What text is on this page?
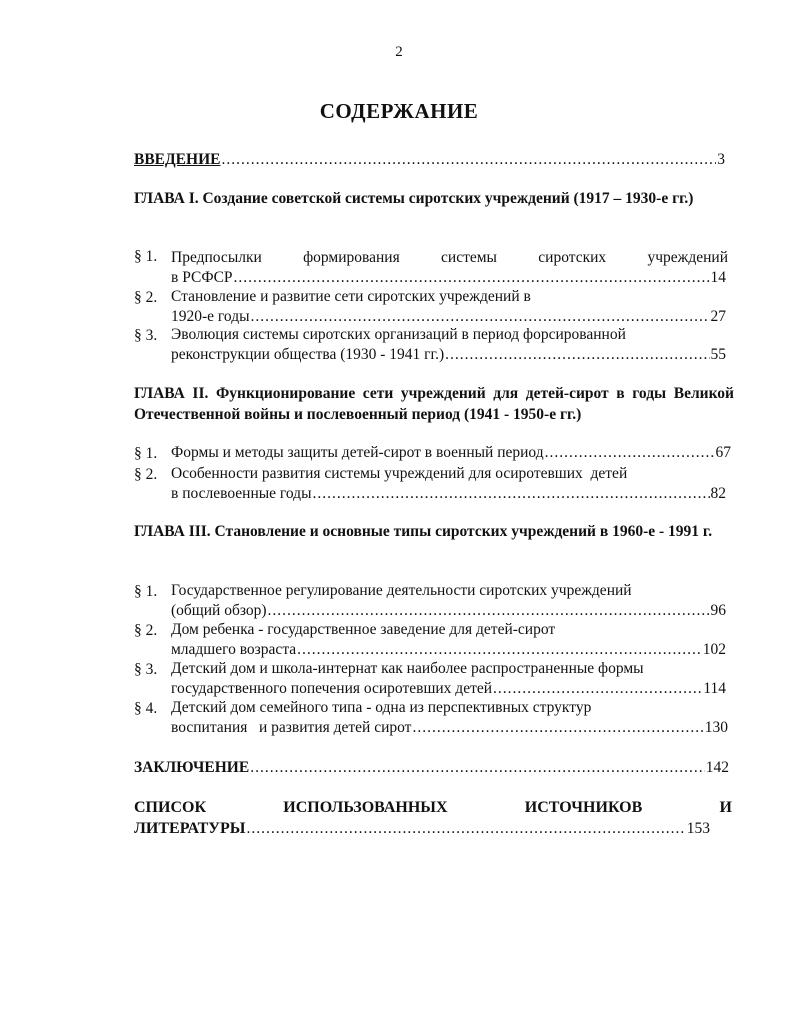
2
СОДЕРЖАНИЕ
ВВЕДЕНИЕ .....	3
ГЛАВА I. Создание советской системы сиротских учреждений (1917 – 1930-е гг.)
§ 1. Предпосылки	формирования	системы	сиротских	учреждений
в РСФСР .....	14
§ 2. Становление и развитие сети сиротских учреждений в
1920-е годы .....	27
§ 3. Эволюция системы сиротских организаций в период форсированной
реконструкции общества (1930 - 1941 гг.) .....	55
ГЛАВА II. Функционирование сети учреждений для детей-сирот в годы Великой Отечественной войны и послевоенный период (1941 - 1950-е гг.)
§ 1. Формы и методы защиты детей-сирот в военный период .....	67
§ 2. Особенности развития системы учреждений для осиротевших  детей
в послевоенные годы .....	82
ГЛАВА III. Становление и основные типы сиротских учреждений в 1960-е - 1991 г.
§ 1. Государственное регулирование деятельности сиротских учреждений
(общий обзор) .....	96
§ 2. Дом ребенка - государственное заведение для детей-сирот
младшего возраста .....	102
§ 3. Детский дом и школа-интернат как наиболее распространенные формы
государственного попечения осиротевших детей .....	114
§ 4. Детский дом семейного типа - одна из перспективных структур
воспитания   и развития детей сирот .....	130
ЗАКЛЮЧЕНИЕ .....	142
СПИСОК	ИСПОЛЬЗОВАННЫХ	ИСТОЧНИКОВ	И
ЛИТЕРАТУРЫ .....	153
